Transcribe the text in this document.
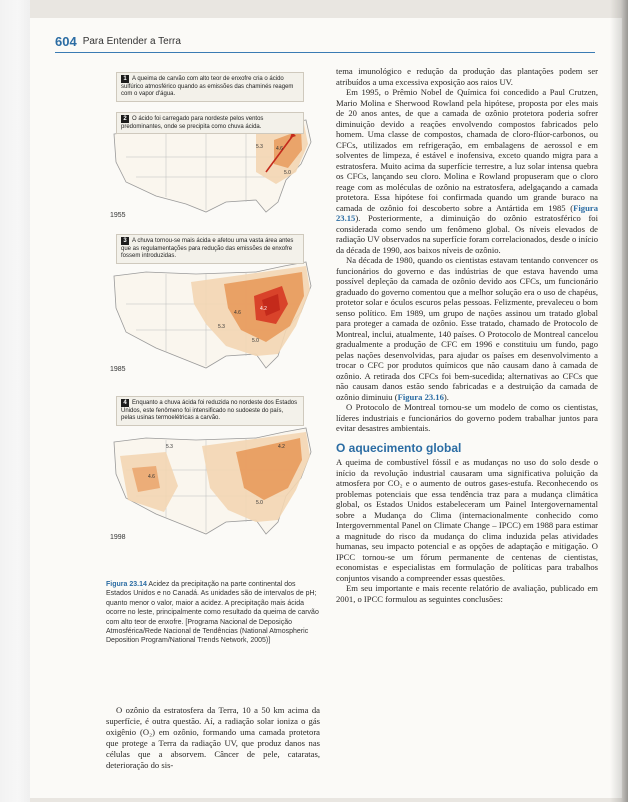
604 Para Entender a Terra
1 A queima de carvão com alto teor de enxofre cria o ácido sulfúrico atmosférico quando as emissões das chaminés reagem com o vapor d'água.
2 O ácido foi carregado para nordeste pelos ventos predominantes, onde se precipita como chuva ácida.
5.3	4.6
5.0
1955
3 A chuva tornou-se mais ácida e afetou uma vasta área antes que as regulamentações para redução das emissões de enxofre fossem introduzidas.
5.3
4.6
4.2
5.0
1985
4 Enquanto a chuva ácida foi reduzida no nordeste dos Estados Unidos, este fenômeno foi intensificado no sudoeste do país, pelas usinas termoelétricas a carvão.
5.3
4.6
4.2
5.0
1998
Figura 23.14 Acidez da precipitação na parte continental dos Estados Unidos e no Canadá. As unidades são de intervalos de pH; quanto menor o valor, maior a acidez. A precipitação mais ácida ocorre no leste, principalmente como resultado da queima de carvão com alto teor de enxofre. [Programa Nacional de Deposição Atmosférica/Rede Nacional de Tendências (National Atmospheric Deposition Program/National Trends Network, 2005)]
O ozônio da estratosfera da Terra, 10 a 50 km acima da superfície, é outra questão. Aí, a radiação solar ioniza o gás oxigênio (O₂) em ozônio, formando uma camada protetora que protege a Terra da radiação UV, que produz danos nas células que a absorvem. Câncer de pele, cataratas, deterioração do sis-

tema imunológico e redução da produção das plantações podem ser atribuídos a uma excessiva exposição aos raios UV.

Em 1995, o Prêmio Nobel de Química foi concedido a Paul Crutzen, Mario Molina e Sherwood Rowland pela hipótese, proposta por eles mais de 20 anos antes, de que a camada de ozônio protetora poderia sofrer diminuição devido a reações envolvendo compostos fabricados pelo homem. Uma classe de compostos, chamada de cloro-flúor-carbonos, ou CFCs, utilizados em refrigeração, em embalagens de aerossol e em solventes de limpeza, é estável e inofensiva, exceto quando migra para a estratosfera. Muito acima da superfície terrestre, a luz solar intensa quebra os CFCs, lançando seu cloro. Molina e Rowland propuseram que o cloro reage com as moléculas de ozônio na estratosfera, adelgaçando a camada protetora. Essa hipótese foi confirmada quando um grande buraco na camada de ozônio foi descoberto sobre a Antártida em 1985 (Figura 23.15). Posteriormente, a diminuição do ozônio estratosférico foi considerada como sendo um fenômeno global. Os níveis elevados de radiação UV observados na superfície foram correlacionados, desde o início da década de 1990, aos baixos níveis de ozônio.

Na década de 1980, quando os cientistas estavam tentando convencer os funcionários do governo e das indústrias de que estava havendo uma possível depleção da camada de ozônio devido aos CFCs, um funcionário graduado do governo comentou que a melhor solução era o uso de chapéus, protetor solar e óculos escuros pelas pessoas. Felizmente, prevaleceu o bom senso político. Em 1989, um grupo de nações assinou um tratado global para proteger a camada de ozônio. Esse tratado, chamado de Protocolo de Montreal, inclui, atualmente, 140 países. O Protocolo de Montreal cancelou gradualmente a produção de CFC em 1996 e constituiu um fundo, pago pelas nações desenvolvidas, para ajudar os países em desenvolvimento a trocar o CFC por produtos químicos que não causam dano à camada de ozônio. A retirada dos CFCs foi bem-sucedida; alternativas ao CFCs que não causam danos estão sendo fabricadas e a destruição da camada de ozônio diminuiu (Figura 23.16).

O Protocolo de Montreal tornou-se um modelo de como os cientistas, líderes industriais e funcionários do governo podem trabalhar juntos para evitar desastres ambientais.

O aquecimento global

A queima de combustível fóssil e as mudanças no uso do solo desde o início da revolução industrial causaram uma significativa poluição da atmosfera por CO₂ e o aumento de outros gases-estufa. Reconhecendo os problemas potenciais que essa tendência traz para a mudança climática global, os Estados Unidos estabeleceram um Painel Intergovernamental sobre a Mudança do Clima (internacionalmente conhecido como Intergovernmental Panel on Climate Change – IPCC) em 1988 para estimar a magnitude do risco da mudança do clima induzida pelas atividades humanas, seu impacto potencial e as opções de adaptação e mitigação. O IPCC tornou-se um fórum permanente de centenas de cientistas, economistas e especialistas em formulação de políticas para trabalhos conjuntos visando a compreender essas questões.

Em seu importante e mais recente relatório de avaliação, publicado em 2001, o IPCC formulou as seguintes conclusões:
